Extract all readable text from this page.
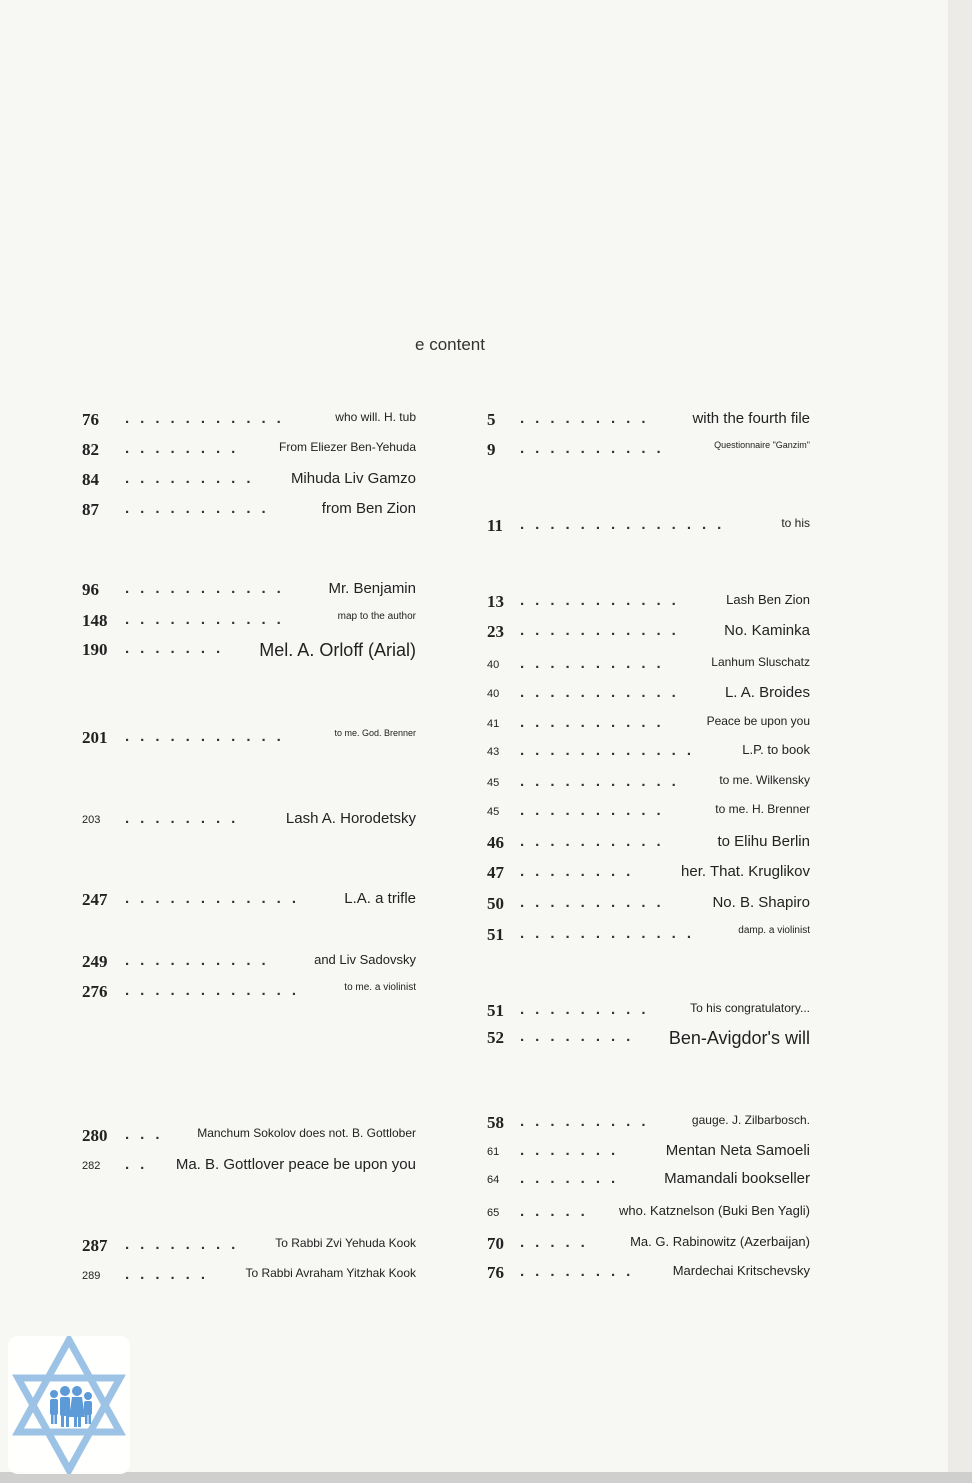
e content
76	who will. H. tub
...........
82	From Eliezer Ben-Yehuda
........
84	Mihuda Liv Gamzo
.........
87	from Ben Zion
..........
96	Mr. Benjamin
...........
148	map to the author
...........
190	Mel. A. Orloff (Arial)
.......
201	to me. God. Brenner
...........
203	Lash A. Horodetsky
........
247	L.A. a trifle
............
249	and Liv Sadovsky
..........
276	to me. a violinist
............
280	Manchum Sokolov does not. B. Gottlober
...
282	Ma. B. Gottlover peace be upon you
..
287	To Rabbi Zvi Yehuda Kook
........
289	To Rabbi Avraham Yitzhak Kook
......
5	with the fourth file
.........
9	Questionnaire "Ganzim"
..........
11	to his
..............
13	Lash Ben Zion
...........
23	No. Kaminka
...........
40	Lanhum Sluschatz
..........
40	L. A. Broides
...........
41	Peace be upon you
..........
43	L.P. to book
............
45	to me. Wilkensky
...........
45	to me. H. Brenner
..........
46	to Elihu Berlin
..........
47	her. That. Kruglikov
........
50	No. B. Shapiro
..........
51	damp. a violinist
............
51	To his congratulatory...
.........
52	Ben-Avigdor's will
........
58	gauge. J. Zilbarbosch.
.........
61	Mentan Neta Samoeli
.......
64	Mamandali bookseller
.......
65	who. Katznelson (Buki Ben Yagli)
.....
70	Ma. G. Rabinowitz (Azerbaijan)
.....
76	Mardechai Kritschevsky
........
